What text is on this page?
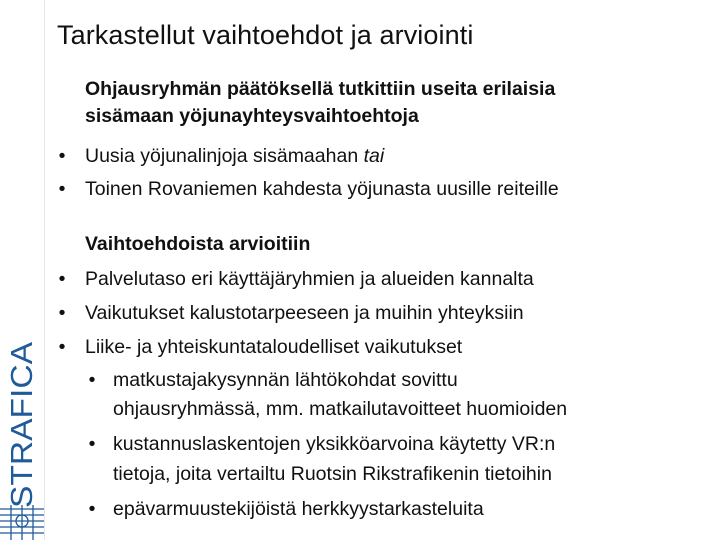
STRAFICA
Tarkastellut vaihtoehdot ja arviointi
Ohjausryhmän päätöksellä tutkittiin useita erilaisia
sisämaan yöjunayhteysvaihtoehtoja
• Uusia yöjunalinjoja sisämaahan tai
• Toinen Rovaniemen kahdesta yöjunasta uusille reiteille
Vaihtoehdoista arvioitiin
• Palvelutaso eri käyttäjäryhmien ja alueiden kannalta
• Vaikutukset kalustotarpeeseen ja muihin yhteyksiin
• Liike- ja yhteiskuntataloudelliset vaikutukset
• matkustajakysynnän lähtökohdat sovittu
ohjausryhmässä, mm. matkailutavoitteet huomioiden
• kustannuslaskentojen yksikköarvoina käytetty VR:n
tietoja, joita vertailtu Ruotsin Rikstrafikenin tietoihin
• epävarmuustekijöistä herkkyystarkasteluita
